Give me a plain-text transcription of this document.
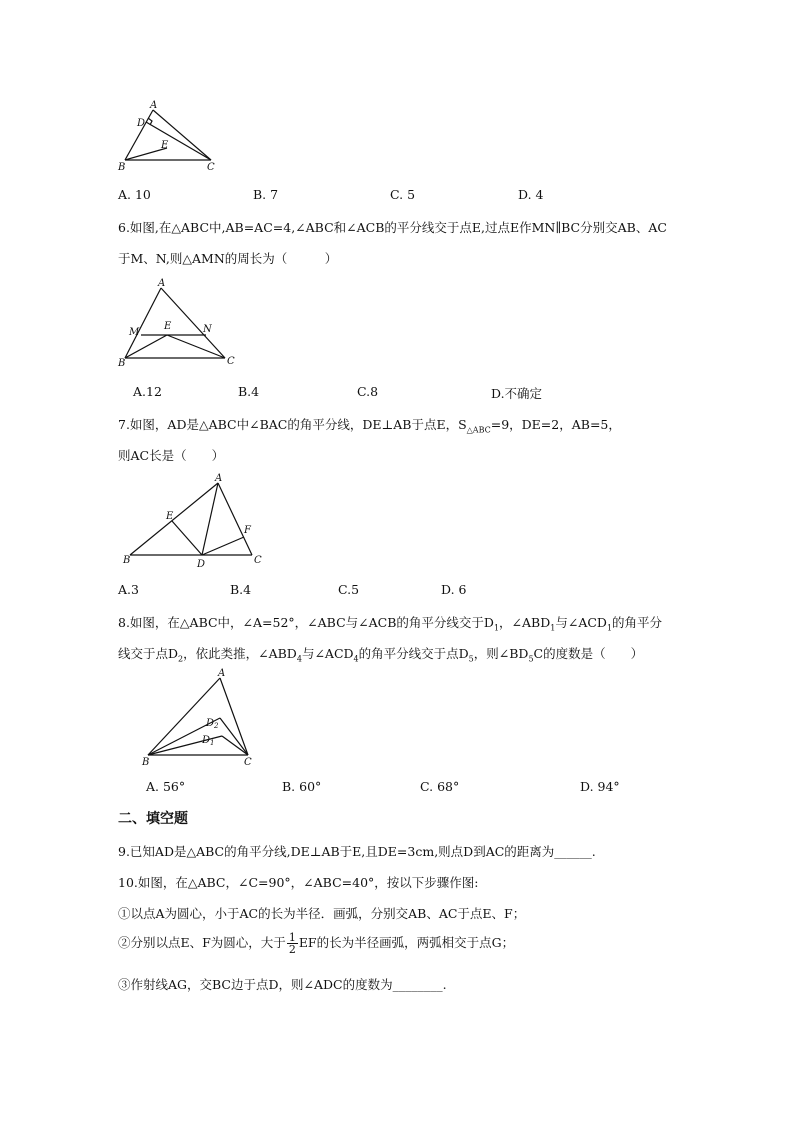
A
D
E
B	C
A. 10	B. 7	C. 5	D. 4
6.如图,在△ABC中,AB=AC=4,∠ABC和∠ACB的平分线交于点E,过点E作MN∥BC分别交AB、AC
于M、N,则△AMN的周长为（　　　）
A
M
E	N
B	C
A.12	B.4	C.8	D.不确定
7.如图，AD是△ABC中∠BAC的角平分线，DE⊥AB于点E，$S_{\triangle ABC}=9$，DE=2，AB=5，
则AC长是（　　）
A
E
F
B	D	C
A.3	B.4	C.5	D. 6
8.如图，在△ABC中，∠A=52°，∠ABC与∠ACB的角平分线交于$D_1$，$\angle ABD_1$与$\angle ACD_1$的角平分
线交于点$D_2$，依此类推，$\angle ABD_4$与$\angle ACD_4$的角平分线交于点$D_5$，则$\angle BD_5C$的度数是（　　）
A
$D_2$
$D_1$
B	C
A. 56°	B. 60°	C. 68°	D. 94°
二、填空题
9.已知AD是△ABC的角平分线,DE⊥AB于E,且DE=3cm,则点D到AC的距离为______.
10.如图，在△ABC，∠C=90°，∠ABC=40°，按以下步骤作图:
①以点A为圆心，小于AC的长为半径．画弧，分别交AB、AC于点E、F；
②分别以点E、F为圆心，大于 $\frac{1}{2}$ EF的长为半径画弧，两弧相交于点G；
③作射线AG，交BC边于点D，则∠ADC的度数为________.
